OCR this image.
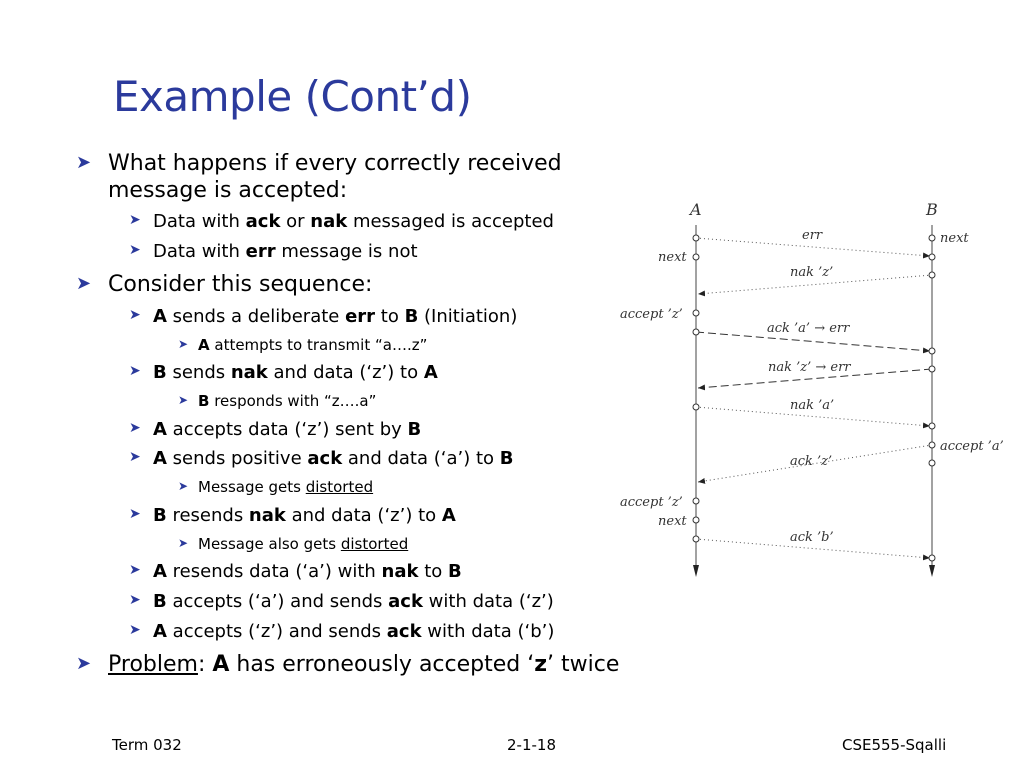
Example (Cont’d)
➤ What happens if every correctly received
message is accepted:
➤ Data with ack or nak messaged is accepted
➤ Data with err message is not
➤ Consider this sequence:
➤ A sends a deliberate err to B (Initiation)
➤ A attempts to transmit “a….z”
➤ B sends nak and data (‘z’) to A
➤ B responds with “z….a”
➤ A accepts data (‘z’) sent by B
➤ A sends positive ack and data (‘a’) to B
➤ Message gets distorted
➤ B resends nak and data (‘z’) to A
➤ Message also gets distorted
➤ A resends data (‘a’) with nak to B
➤ B accepts (‘a’) and sends ack with data (‘z’)
➤ A accepts (‘z’) and sends ack with data (‘b’)
➤ Problem: A has erroneously accepted ‘z’ twice
A	B
err
nak ’z’
ack ’a’ → err
nak ’z’ → err
nak ’a’
ack ’z’
ack ’b’
next
next
accept ’z’
accept ’a’
accept ’z’
next
Term 032	2-1-18	CSE555-Sqalli
